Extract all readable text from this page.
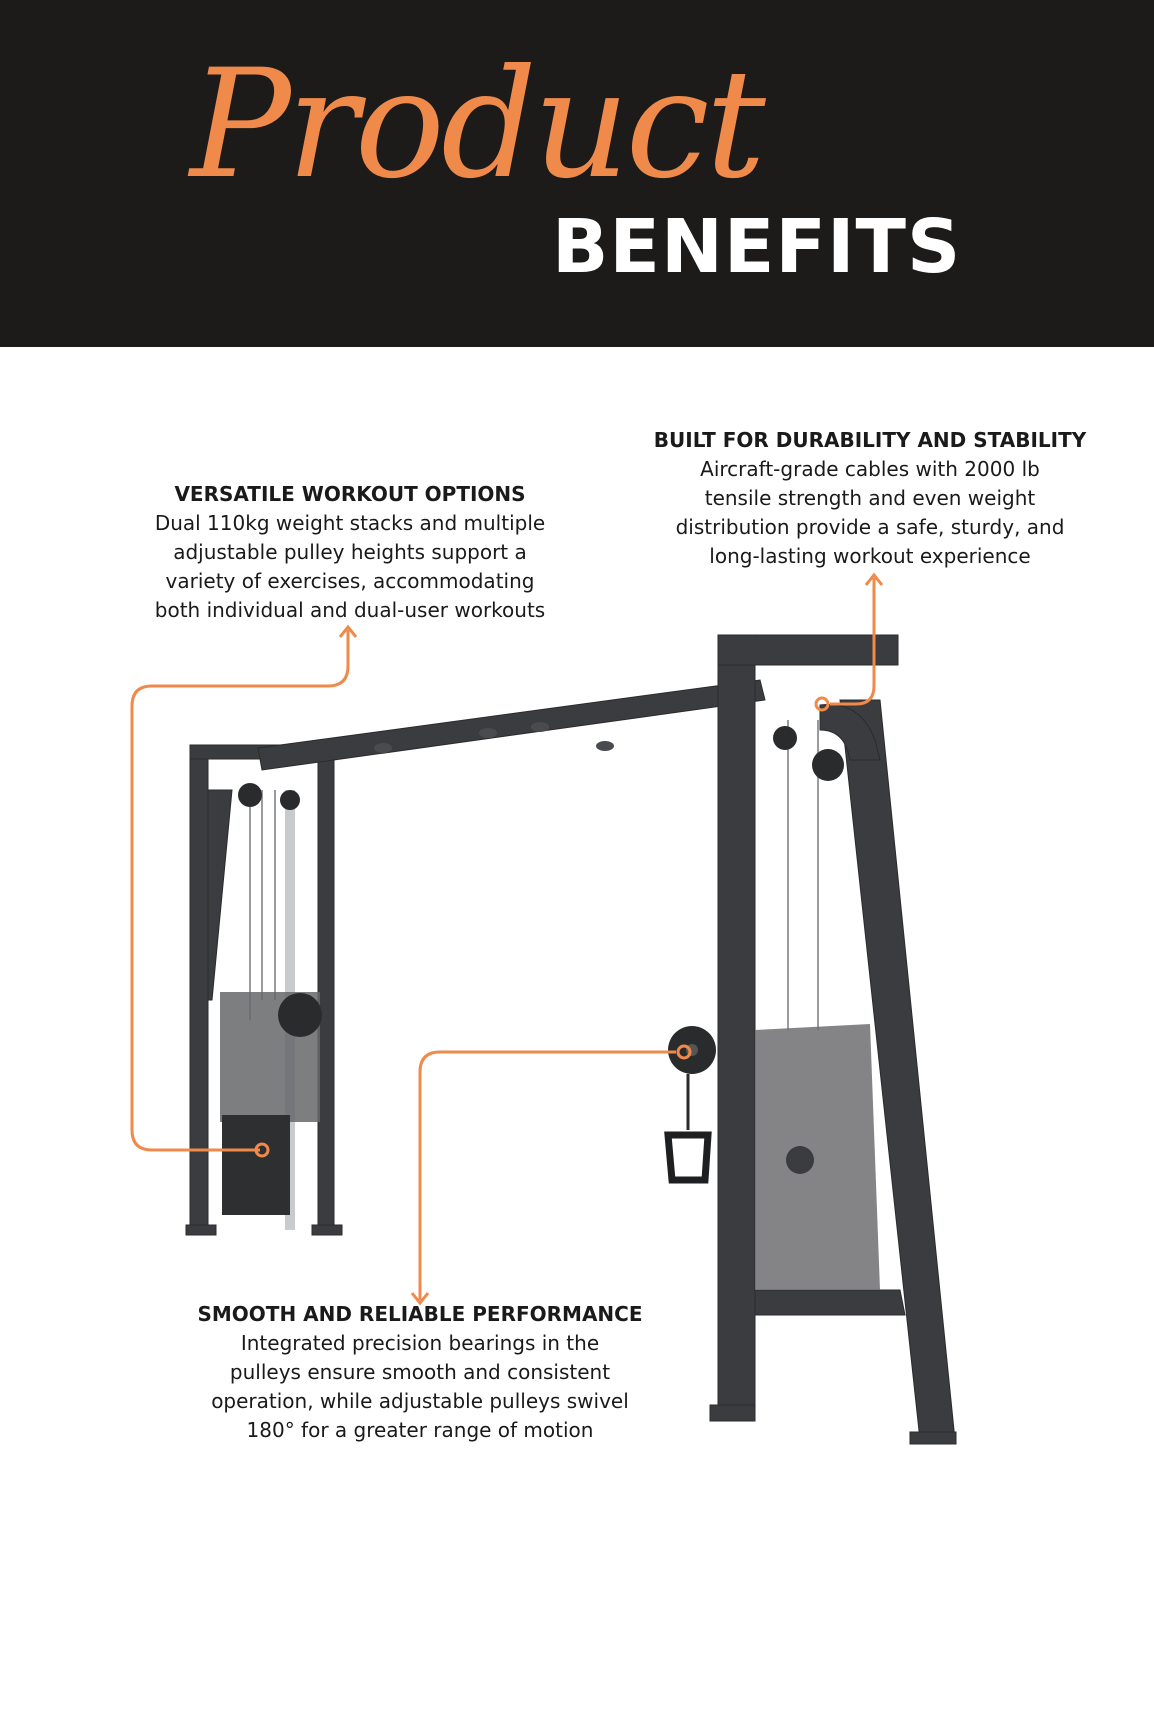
Product
BENEFITS
VERSATILE WORKOUT OPTIONS
Dual 110kg weight stacks and multiple
adjustable pulley heights support a
variety of exercises, accommodating
both individual and dual-user workouts
BUILT FOR DURABILITY AND STABILITY
Aircraft-grade cables with 2000 lb
tensile strength and even weight
distribution provide a safe, sturdy, and
long-lasting workout experience
SMOOTH AND RELIABLE PERFORMANCE
Integrated precision bearings in the
pulleys ensure smooth and consistent
operation, while adjustable pulleys swivel
180° for a greater range of motion
